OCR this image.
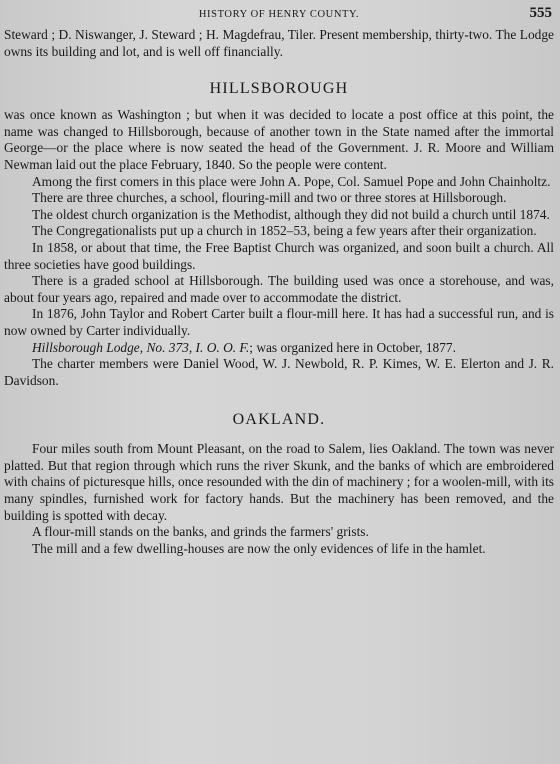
HISTORY OF HENRY COUNTY.	555

Steward ; D. Niswanger, J. Steward ; H. Magdefrau, Tiler. Present membership, thirty-two. The Lodge owns its building and lot, and is well off financially.

HILLSBOROUGH

was once known as Washington ; but when it was decided to locate a post office at this point, the name was changed to Hillsborough, because of another town in the State named after the immortal George—or the place where is now seated the head of the Government. J. R. Moore and William Newman laid out the place February, 1840. So the people were content.

Among the first comers in this place were John A. Pope, Col. Samuel Pope and John Chainholtz.

There are three churches, a school, flouring-mill and two or three stores at Hillsborough.

The oldest church organization is the Methodist, although they did not build a church until 1874.

The Congregationalists put up a church in 1852–53, being a few years after their organization.

In 1858, or about that time, the Free Baptist Church was organized, and soon built a church. All three societies have good buildings.

There is a graded school at Hillsborough. The building used was once a storehouse, and was, about four years ago, repaired and made over to accommodate the district.

In 1876, John Taylor and Robert Carter built a flour-mill here. It has had a successful run, and is now owned by Carter individually.

Hillsborough Lodge, No. 373, I. O. O. F.; was organized here in October, 1877.

The charter members were Daniel Wood, W. J. Newbold, R. P. Kimes, W. E. Elerton and J. R. Davidson.

OAKLAND.

Four miles south from Mount Pleasant, on the road to Salem, lies Oakland. The town was never platted. But that region through which runs the river Skunk, and the banks of which are embroidered with chains of picturesque hills, once resounded with the din of machinery ; for a woolen-mill, with its many spindles, furnished work for factory hands. But the machinery has been removed, and the building is spotted with decay.

A flour-mill stands on the banks, and grinds the farmers' grists.

The mill and a few dwelling-houses are now the only evidences of life in the hamlet.
